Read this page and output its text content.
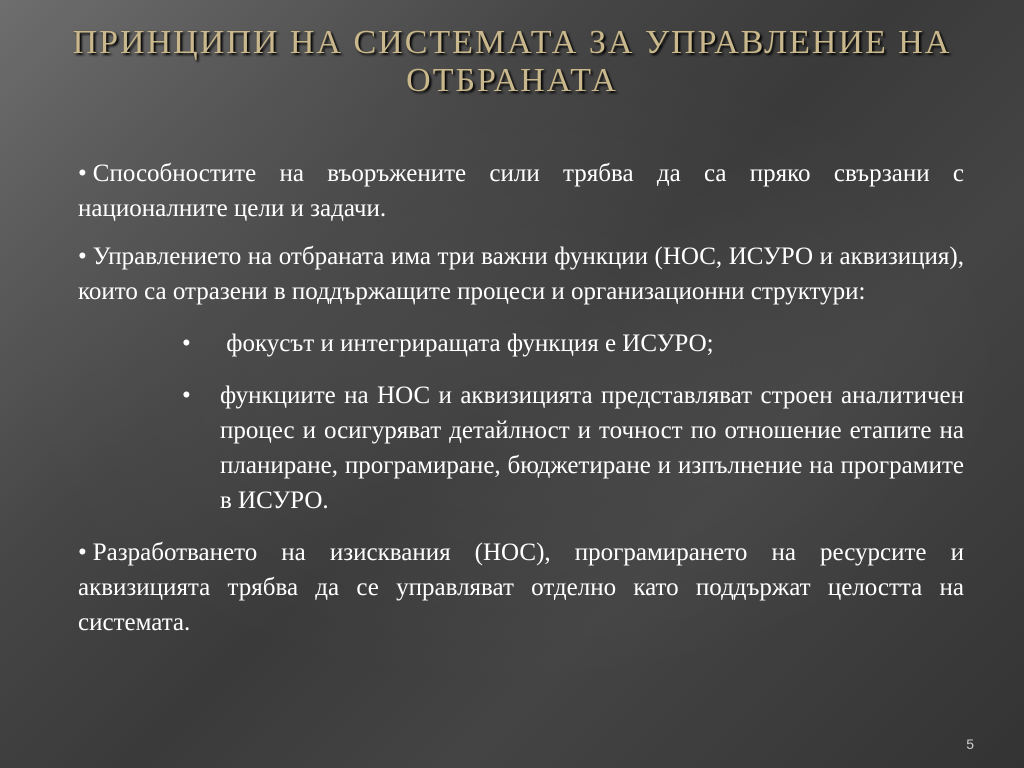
ПРИНЦИПИ НА СИСТЕМАТА ЗА УПРАВЛЕНИЕ НА
ОТБРАНАТА

• Способностите на въоръжените сили трябва да са пряко свързани с националните цели и задачи.

• Управлението на отбраната има три важни функции (НОС, ИСУРО и аквизиция), които са отразени в поддържащите процеси и организационни структури:

• фокусът и интегриращата функция е ИСУРО;
• функциите на НОС и аквизицията представляват строен аналитичен процес и осигуряват детайлност и точност по отношение етапите на планиране, програмиране, бюджетиране и изпълнение на програмите в ИСУРО.

• Разработването на изисквания (НОС), програмирането на ресурсите и аквизицията трябва да се управляват отделно като поддържат целостта на системата.

5
